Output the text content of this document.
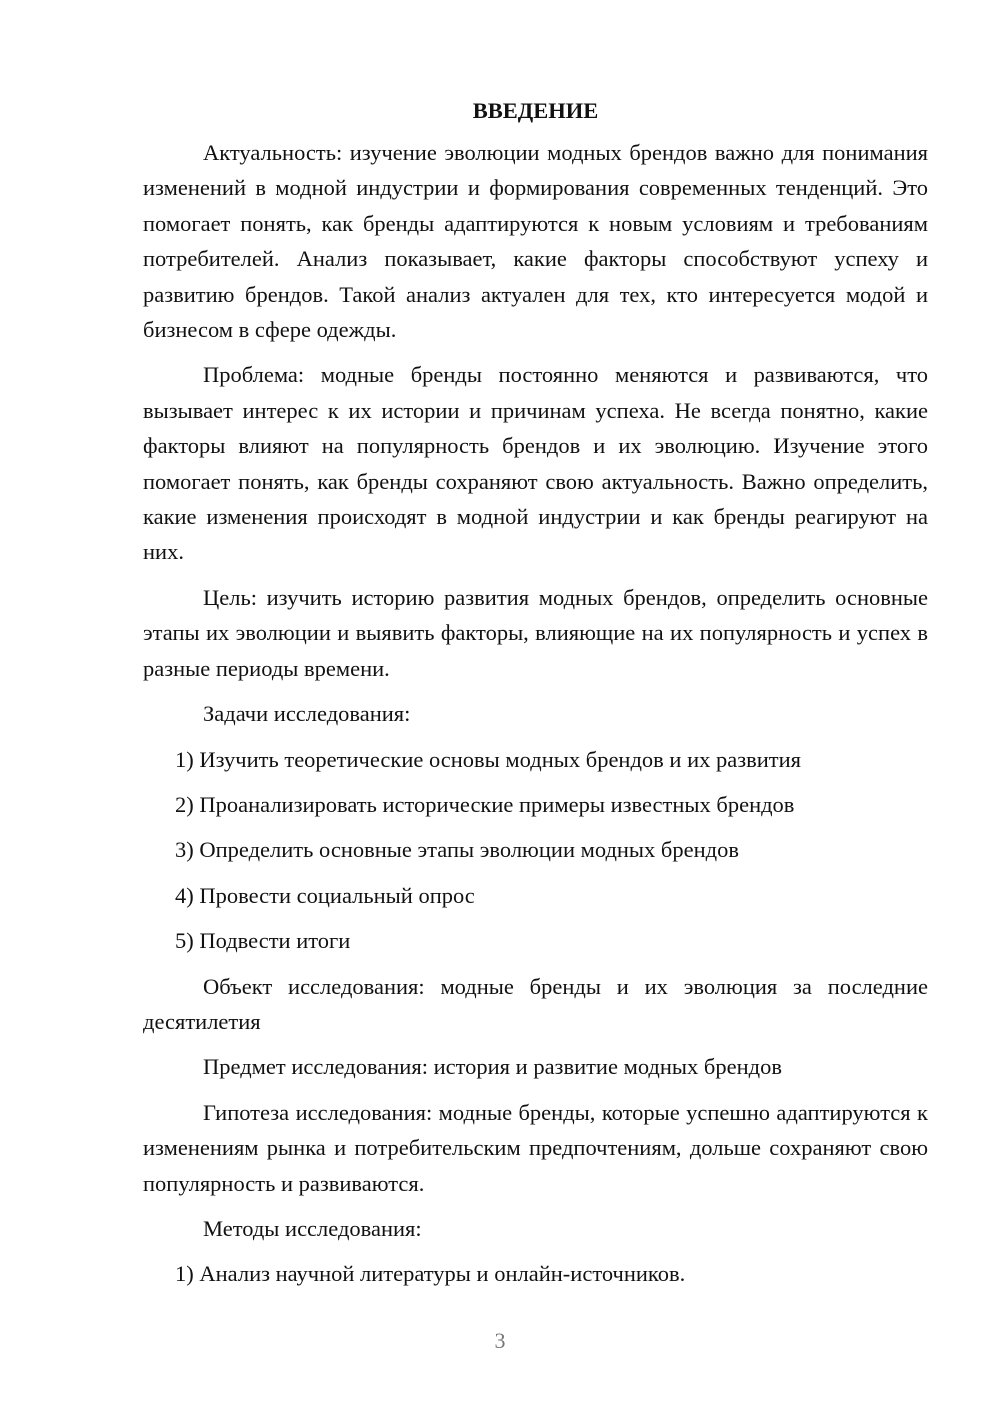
ВВЕДЕНИЕ

Актуальность: изучение эволюции модных брендов важно для понимания изменений в модной индустрии и формирования современных тенденций. Это помогает понять, как бренды адаптируются к новым условиям и требованиям потребителей. Анализ показывает, какие факторы способствуют успеху и развитию брендов. Такой анализ актуален для тех, кто интересуется модой и бизнесом в сфере одежды.

Проблема: модные бренды постоянно меняются и развиваются, что вызывает интерес к их истории и причинам успеха. Не всегда понятно, какие факторы влияют на популярность брендов и их эволюцию. Изучение этого помогает понять, как бренды сохраняют свою актуальность. Важно определить, какие изменения происходят в модной индустрии и как бренды реагируют на них.

Цель: изучить историю развития модных брендов, определить основные этапы их эволюции и выявить факторы, влияющие на их популярность и успех в разные периоды времени.

Задачи исследования:

1) Изучить теоретические основы модных брендов и их развития

2) Проанализировать исторические примеры известных брендов

3) Определить основные этапы эволюции модных брендов

4) Провести социальный опрос

5) Подвести итоги

Объект исследования: модные бренды и их эволюция за последние десятилетия

Предмет исследования: история и развитие модных брендов

Гипотеза исследования: модные бренды, которые успешно адаптируются к изменениям рынка и потребительским предпочтениям, дольше сохраняют свою популярность и развиваются.

Методы исследования:

1) Анализ научной литературы и онлайн-источников.

3
